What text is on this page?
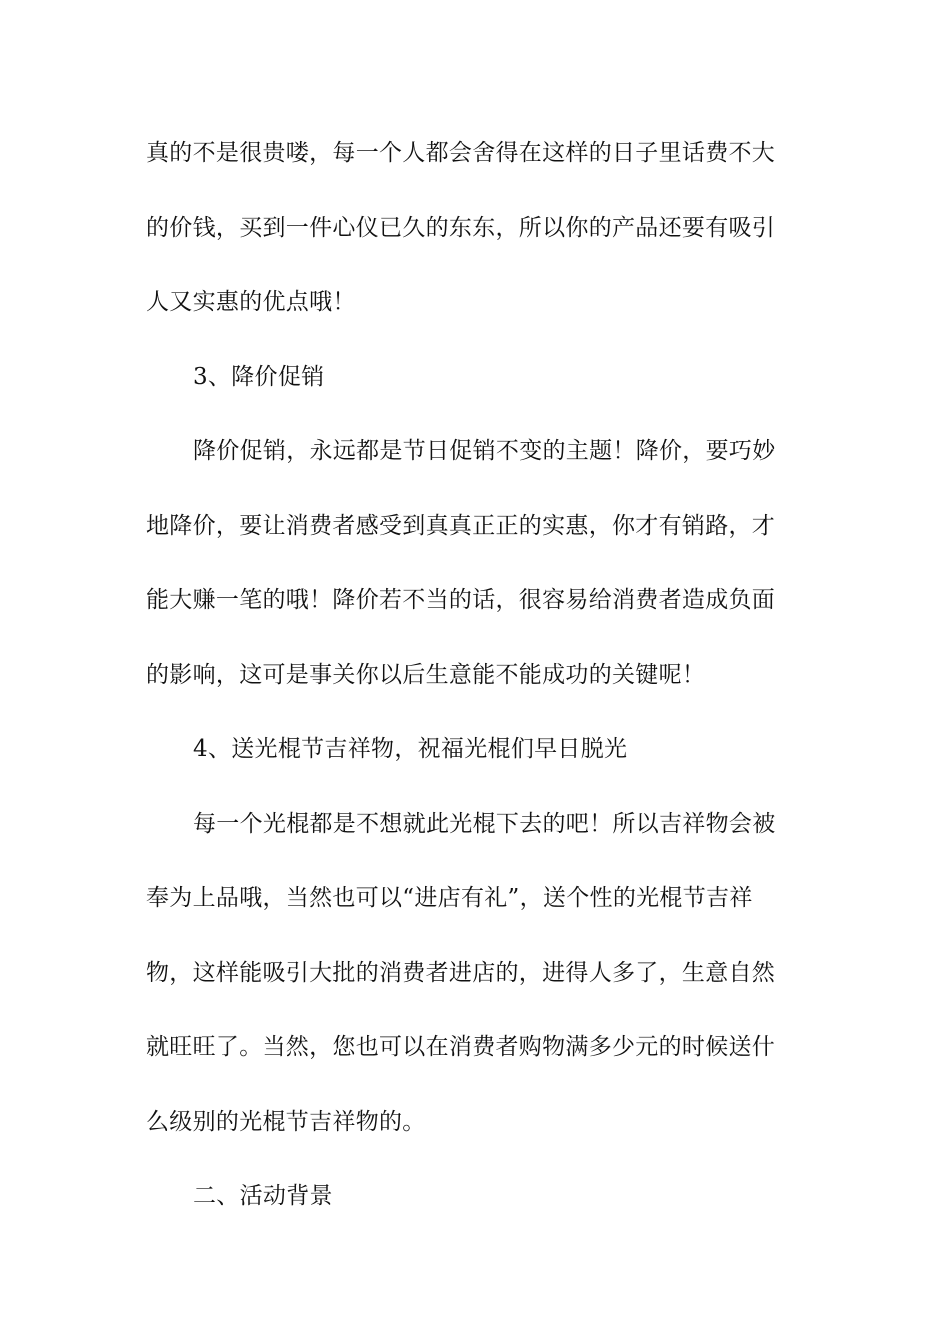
真的不是很贵喽，每一个人都会舍得在这样的日子里话费不大
的价钱，买到一件心仪已久的东东，所以你的产品还要有吸引
人又实惠的优点哦！
3、降价促销
降价促销，永远都是节日促销不变的主题！降价，要巧妙
地降价，要让消费者感受到真真正正的实惠，你才有销路，才
能大赚一笔的哦！降价若不当的话，很容易给消费者造成负面
的影响，这可是事关你以后生意能不能成功的关键呢！
4、送光棍节吉祥物，祝福光棍们早日脱光
每一个光棍都是不想就此光棍下去的吧！所以吉祥物会被
奉为上品哦，当然也可以“进店有礼”，送个性的光棍节吉祥
物，这样能吸引大批的消费者进店的，进得人多了，生意自然
就旺旺了。当然，您也可以在消费者购物满多少元的时候送什
么级别的光棍节吉祥物的。
二、活动背景
